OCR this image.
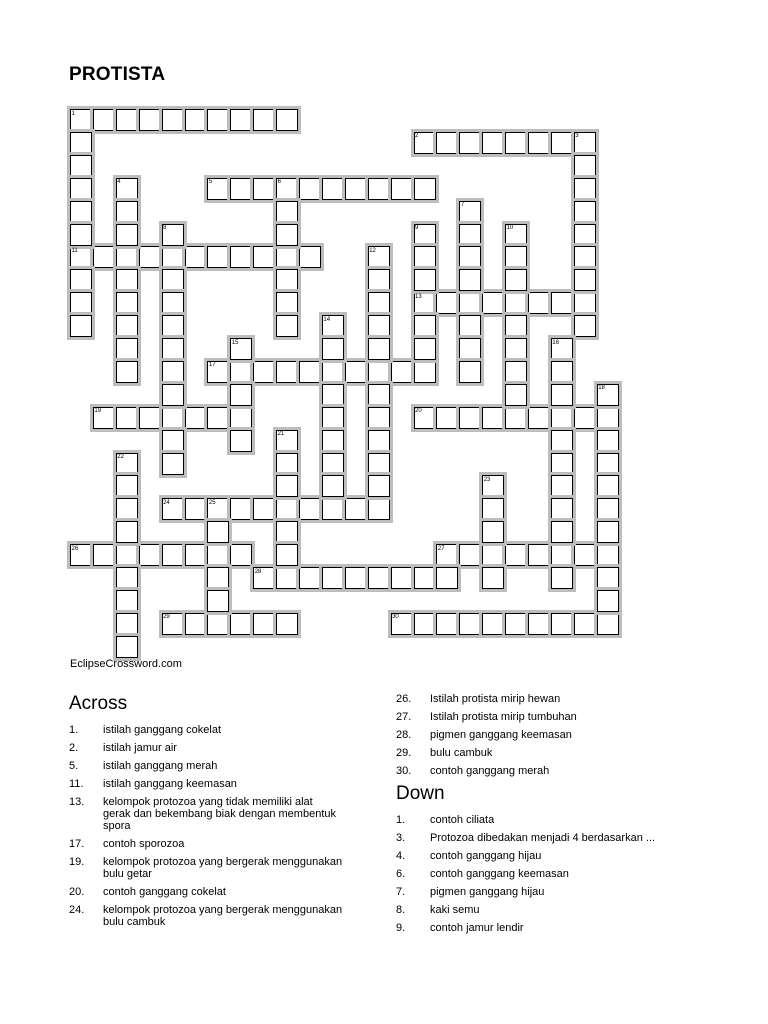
PROTISTA
1
2
5
11
13
17
19	20
24
26	27
28
29	30
3
4	6
7
8	9	10
12
14
15	16
18
21
22
23
25
EclipseCrossword.com
Across
1. istilah ganggang cokelat
2. istilah jamur air
5. istilah ganggang merah
11. istilah ganggang keemasan
13. kelompok protozoa yang tidak memiliki alat gerak dan bekembang biak dengan membentuk spora
17. contoh sporozoa
19. kelompok protozoa yang bergerak menggunakan bulu getar
20. contoh ganggang cokelat
24. kelompok protozoa yang bergerak menggunakan bulu cambuk
26. Istilah protista mirip hewan
27. Istilah protista mirip tumbuhan
28. pigmen ganggang keemasan
29. bulu cambuk
30. contoh ganggang merah
Down
1. contoh ciliata
3. Protozoa dibedakan menjadi 4 berdasarkan ...
4. contoh ganggang hijau
6. contoh ganggang keemasan
7. pigmen ganggang hijau
8. kaki semu
9. contoh jamur lendir
